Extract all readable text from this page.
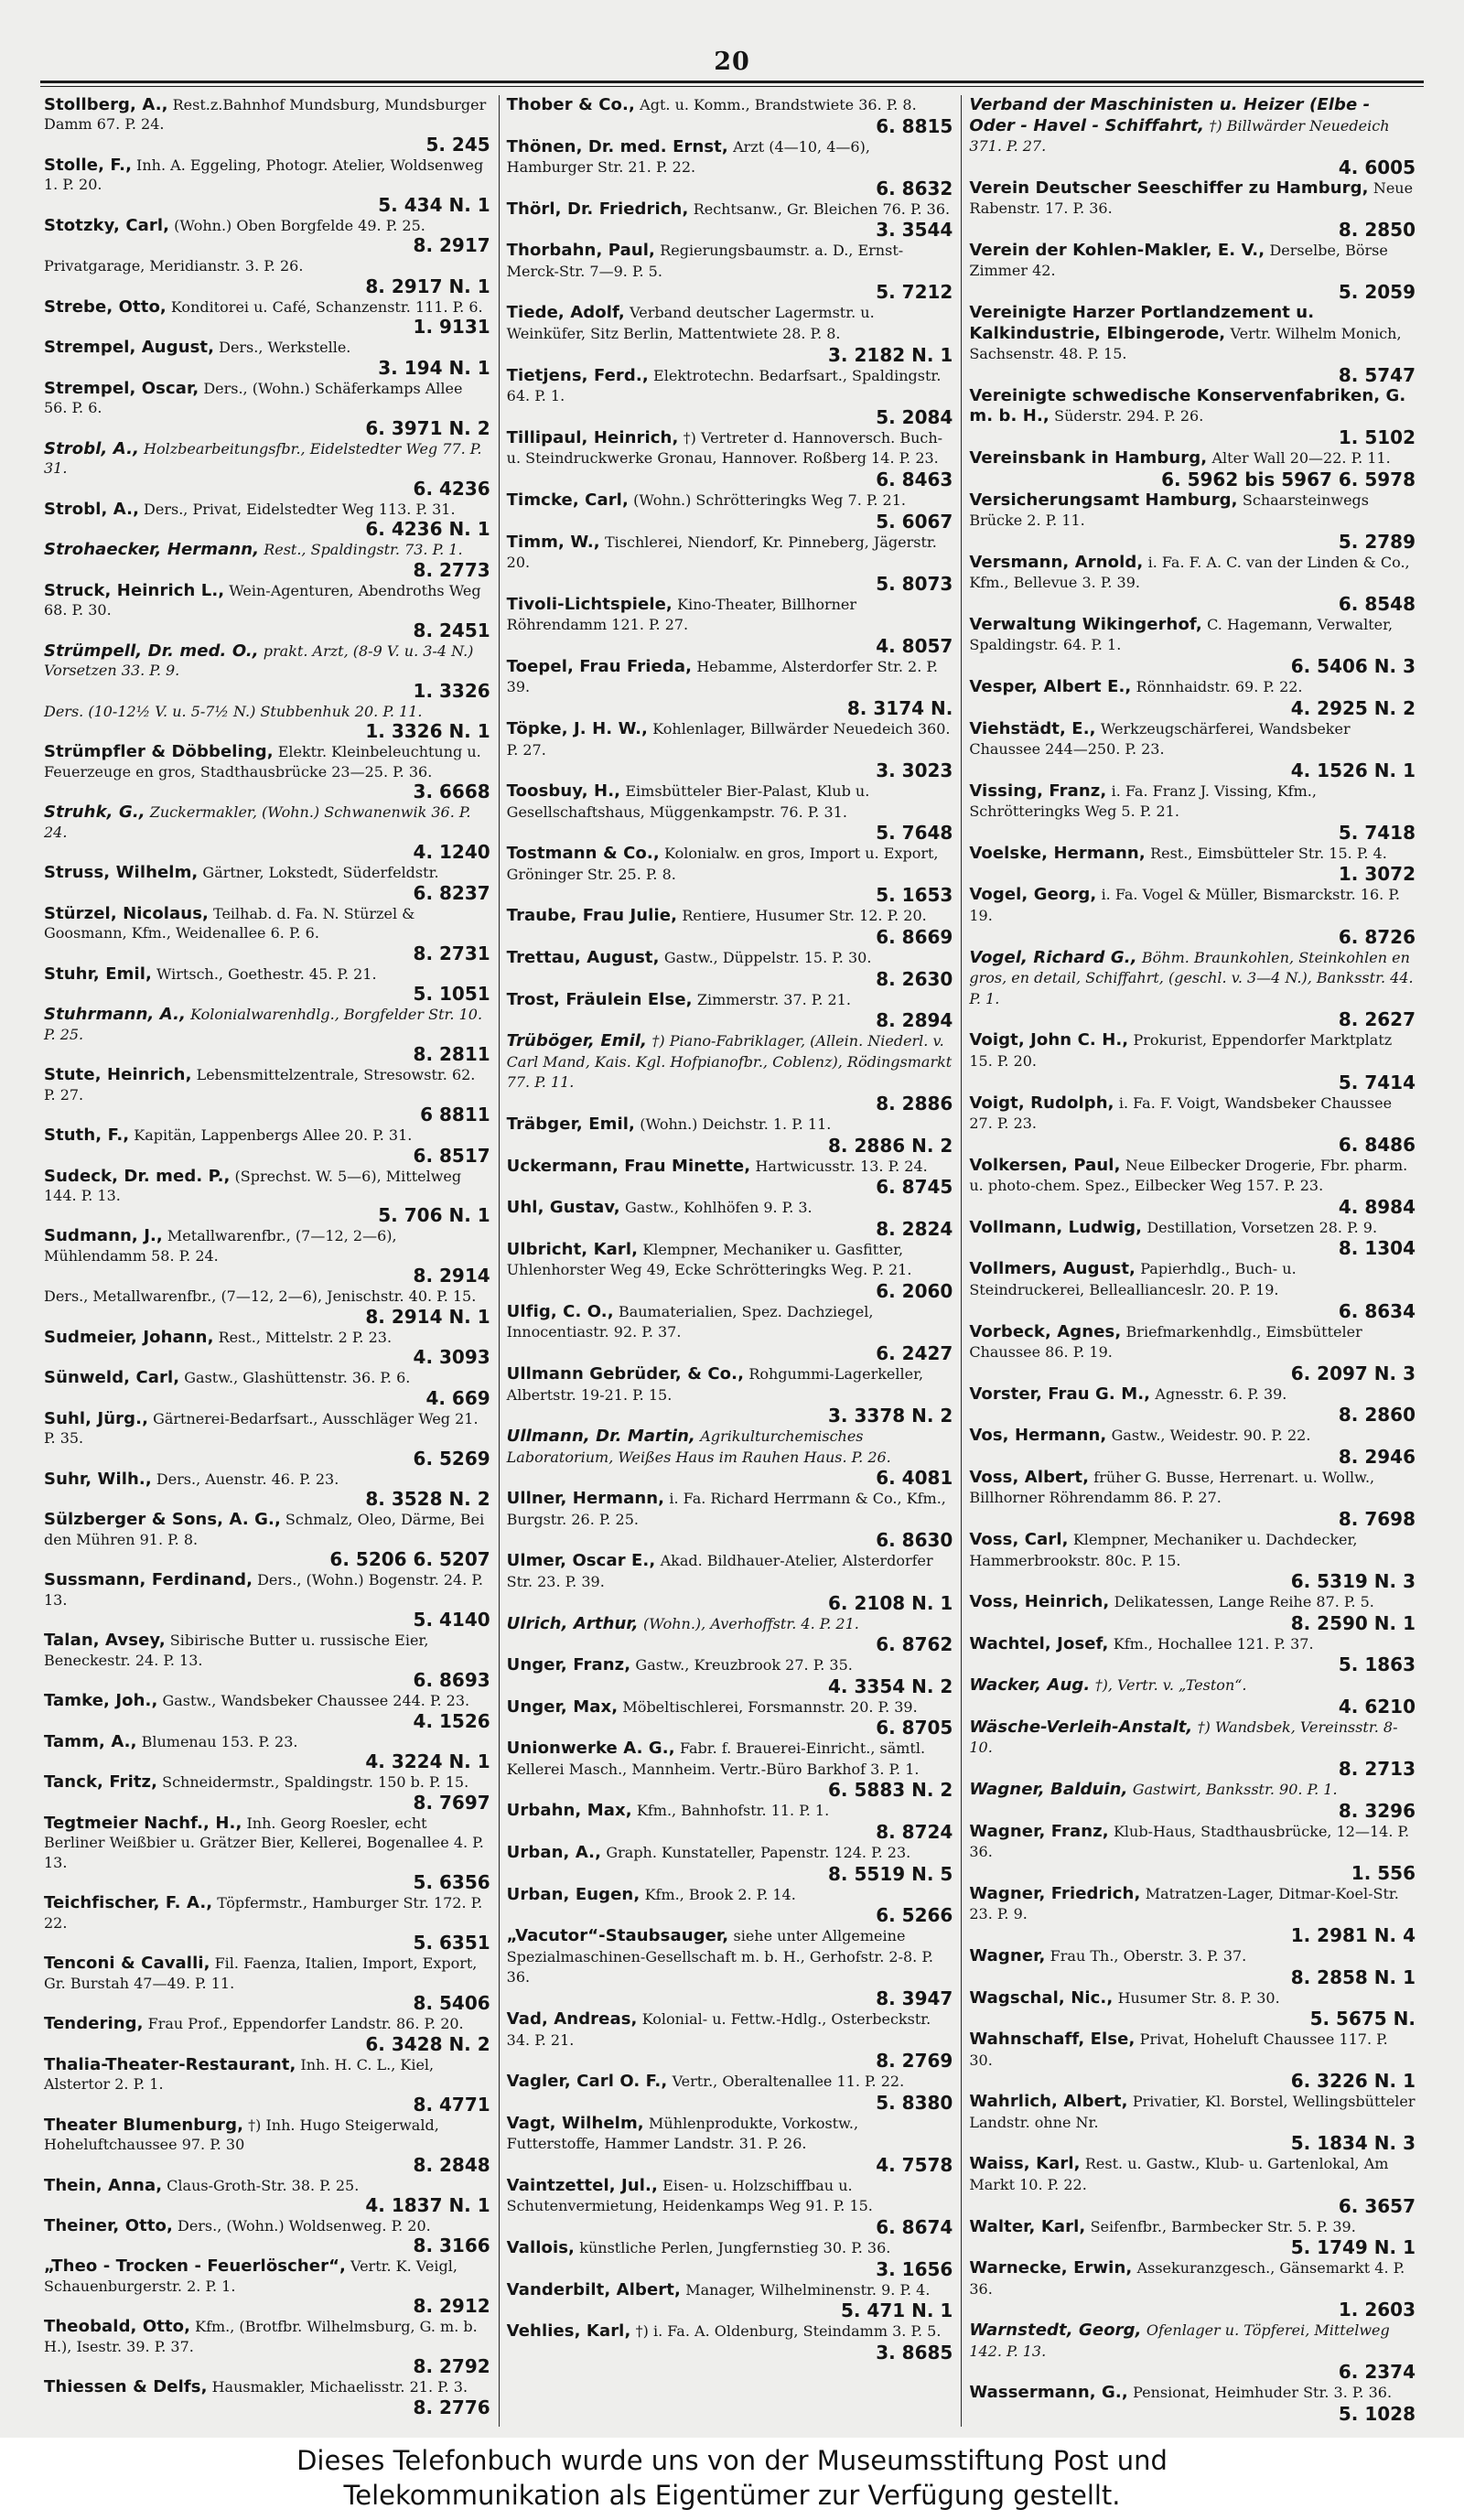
20
Stollberg, A., Rest.z.Bahnhof Mundsburg, Mundsburger Damm 67. P. 24.
5. 245
Stolle, F., Inh. A. Eggeling, Photogr. Atelier, Woldsenweg 1. P. 20.
5. 434 N. 1
Stotzky, Carl, (Wohn.) Oben Borgfelde 49. P. 25.
8. 2917
Privatgarage, Meridianstr. 3. P. 26.
8. 2917 N. 1
Strebe, Otto, Konditorei u. Café, Schanzenstr. 111. P. 6.
1. 9131
Strempel, August, Ders., Werkstelle.
3. 194 N. 1
Strempel, Oscar, Ders., (Wohn.) Schäferkamps Allee 56. P. 6.
6. 3971 N. 2
Strobl, A., Holzbearbeitungsfbr., Eidelstedter Weg 77. P. 31.
6. 4236
Strobl, A., Ders., Privat, Eidelstedter Weg 113. P. 31.
6. 4236 N. 1
Strohaecker, Hermann, Rest., Spaldingstr. 73. P. 1.
8. 2773
Struck, Heinrich L., Wein-Agenturen, Abendroths Weg 68. P. 30.
8. 2451
Strümpell, Dr. med. O., prakt. Arzt, (8-9 V. u. 3-4 N.) Vorsetzen 33. P. 9.
1. 3326
Ders. (10-12½ V. u. 5-7½ N.) Stubbenhuk 20. P. 11.
1. 3326 N. 1
Strümpfler & Döbbeling, Elektr. Kleinbeleuchtung u. Feuerzeuge en gros, Stadthausbrücke 23—25. P. 36.
3. 6668
Struhk, G., Zuckermakler, (Wohn.) Schwanenwik 36. P. 24.
4. 1240
Struss, Wilhelm, Gärtner, Lokstedt, Süderfeldstr.
6. 8237
Stürzel, Nicolaus, Teilhab. d. Fa. N. Stürzel & Goosmann, Kfm., Weidenallee 6. P. 6.
8. 2731
Stuhr, Emil, Wirtsch., Goethestr. 45. P. 21.
5. 1051
Stuhrmann, A., Kolonialwarenhdlg., Borgfelder Str. 10. P. 25.
8. 2811
Stute, Heinrich, Lebensmittelzentrale, Stresowstr. 62. P. 27.
6 8811
Stuth, F., Kapitän, Lappenbergs Allee 20. P. 31.
6. 8517
Sudeck, Dr. med. P., (Sprechst. W. 5—6), Mittelweg 144. P. 13.
5. 706 N. 1
Sudmann, J., Metallwarenfbr., (7—12, 2—6), Mühlendamm 58. P. 24.
8. 2914
Ders., Metallwarenfbr., (7—12, 2—6), Jenischstr. 40. P. 15.
8. 2914 N. 1
Sudmeier, Johann, Rest., Mittelstr. 2 P. 23.
4. 3093
Sünweld, Carl, Gastw., Glashüttenstr. 36. P. 6.
4. 669
Suhl, Jürg., Gärtnerei-Bedarfsart., Ausschläger Weg 21. P. 35.
6. 5269
Suhr, Wilh., Ders., Auenstr. 46. P. 23.
8. 3528 N. 2
Sülzberger & Sons, A. G., Schmalz, Oleo, Därme, Bei den Mühren 91. P. 8.
6. 5206 6. 5207
Sussmann, Ferdinand, Ders., (Wohn.) Bogenstr. 24. P. 13.
5. 4140
Talan, Avsey, Sibirische Butter u. russische Eier, Beneckestr. 24. P. 13.
6. 8693
Tamke, Joh., Gastw., Wandsbeker Chaussee 244. P. 23.
4. 1526
Tamm, A., Blumenau 153. P. 23.
4. 3224 N. 1
Tanck, Fritz, Schneidermstr., Spaldingstr. 150 b. P. 15.
8. 7697
Tegtmeier Nachf., H., Inh. Georg Roesler, echt Berliner Weißbier u. Grätzer Bier, Kellerei, Bogenallee 4. P. 13.
5. 6356
Teichfischer, F. A., Töpfermstr., Hamburger Str. 172. P. 22.
5. 6351
Tenconi & Cavalli, Fil. Faenza, Italien, Import, Export, Gr. Burstah 47—49. P. 11.
8. 5406
Tendering, Frau Prof., Eppendorfer Landstr. 86. P. 20.
6. 3428 N. 2
Thalia-Theater-Restaurant, Inh. H. C. L., Kiel, Alstertor 2. P. 1.
8. 4771
Theater Blumenburg, †) Inh. Hugo Steigerwald, Hoheluftchaussee 97. P. 30
8. 2848
Thein, Anna, Claus-Groth-Str. 38. P. 25.
4. 1837 N. 1
Theiner, Otto, Ders., (Wohn.) Woldsenweg. P. 20.
8. 3166
„Theo - Trocken - Feuerlöscher“, Vertr. K. Veigl, Schauenburgerstr. 2. P. 1.
8. 2912
Theobald, Otto, Kfm., (Brotfbr. Wilhelmsburg, G. m. b. H.), Isestr. 39. P. 37.
8. 2792
Thiessen & Delfs, Hausmakler, Michaelisstr. 21. P. 3.
8. 2776
Thober & Co., Agt. u. Komm., Brandstwiete 36. P. 8.
6. 8815
Thönen, Dr. med. Ernst, Arzt (4—10, 4—6), Hamburger Str. 21. P. 22.
6. 8632
Thörl, Dr. Friedrich, Rechtsanw., Gr. Bleichen 76. P. 36.
3. 3544
Thorbahn, Paul, Regierungsbaumstr. a. D., Ernst-Merck-Str. 7—9. P. 5.
5. 7212
Tiede, Adolf, Verband deutscher Lagermstr. u. Weinküfer, Sitz Berlin, Mattentwiete 28. P. 8.
3. 2182 N. 1
Tietjens, Ferd., Elektrotechn. Bedarfsart., Spaldingstr. 64. P. 1.
5. 2084
Tillipaul, Heinrich, †) Vertreter d. Hannoversch. Buch- u. Steindruckwerke Gronau, Hannover. Roßberg 14. P. 23.
6. 8463
Timcke, Carl, (Wohn.) Schrötteringks Weg 7. P. 21.
5. 6067
Timm, W., Tischlerei, Niendorf, Kr. Pinneberg, Jägerstr. 20.
5. 8073
Tivoli-Lichtspiele, Kino-Theater, Billhorner Röhrendamm 121. P. 27.
4. 8057
Toepel, Frau Frieda, Hebamme, Alsterdorfer Str. 2. P. 39.
8. 3174 N.
Töpke, J. H. W., Kohlenlager, Billwärder Neuedeich 360. P. 27.
3. 3023
Toosbuy, H., Eimsbütteler Bier-Palast, Klub u. Gesellschaftshaus, Müggenkampstr. 76. P. 31.
5. 7648
Tostmann & Co., Kolonialw. en gros, Import u. Export, Gröninger Str. 25. P. 8.
5. 1653
Traube, Frau Julie, Rentiere, Husumer Str. 12. P. 20.
6. 8669
Trettau, August, Gastw., Düppelstr. 15. P. 30.
8. 2630
Trost, Fräulein Else, Zimmerstr. 37. P. 21.
8. 2894
Trüböger, Emil, †) Piano-Fabriklager, (Allein. Niederl. v. Carl Mand, Kais. Kgl. Hofpianofbr., Coblenz), Rödingsmarkt 77. P. 11.
8. 2886
Träbger, Emil, (Wohn.) Deichstr. 1. P. 11.
8. 2886 N. 2
Uckermann, Frau Minette, Hartwicusstr. 13. P. 24.
6. 8745
Uhl, Gustav, Gastw., Kohlhöfen 9. P. 3.
8. 2824
Ulbricht, Karl, Klempner, Mechaniker u. Gasfitter, Uhlenhorster Weg 49, Ecke Schrötteringks Weg. P. 21.
6. 2060
Ulfig, C. O., Baumaterialien, Spez. Dachziegel, Innocentiastr. 92. P. 37.
6. 2427
Ullmann Gebrüder, & Co., Rohgummi-Lagerkeller, Albertstr. 19-21. P. 15.
3. 3378 N. 2
Ullmann, Dr. Martin, Agrikulturchemisches Laboratorium, Weißes Haus im Rauhen Haus. P. 26.
6. 4081
Ullner, Hermann, i. Fa. Richard Herrmann & Co., Kfm., Burgstr. 26. P. 25.
6. 8630
Ulmer, Oscar E., Akad. Bildhauer-Atelier, Alsterdorfer Str. 23. P. 39.
6. 2108 N. 1
Ulrich, Arthur, (Wohn.), Averhoffstr. 4. P. 21.
6. 8762
Unger, Franz, Gastw., Kreuzbrook 27. P. 35.
4. 3354 N. 2
Unger, Max, Möbeltischlerei, Forsmannstr. 20. P. 39.
6. 8705
Unionwerke A. G., Fabr. f. Brauerei-Einricht., sämtl. Kellerei Masch., Mannheim. Vertr.-Büro Barkhof 3. P. 1.
6. 5883 N. 2
Urbahn, Max, Kfm., Bahnhofstr. 11. P. 1.
8. 8724
Urban, A., Graph. Kunstateller, Papenstr. 124. P. 23.
8. 5519 N. 5
Urban, Eugen, Kfm., Brook 2. P. 14.
6. 5266
„Vacutor“-Staubsauger, siehe unter Allgemeine Spezialmaschinen-Gesellschaft m. b. H., Gerhofstr. 2-8. P. 36.
8. 3947
Vad, Andreas, Kolonial- u. Fettw.-Hdlg., Osterbeckstr. 34. P. 21.
8. 2769
Vagler, Carl O. F., Vertr., Oberaltenallee 11. P. 22.
5. 8380
Vagt, Wilhelm, Mühlenprodukte, Vorkostw., Futterstoffe, Hammer Landstr. 31. P. 26.
4. 7578
Vaintzettel, Jul., Eisen- u. Holzschiffbau u. Schutenvermietung, Heidenkamps Weg 91. P. 15.
6. 8674
Vallois, künstliche Perlen, Jungfernstieg 30. P. 36.
3. 1656
Vanderbilt, Albert, Manager, Wilhelminenstr. 9. P. 4.
5. 471 N. 1
Vehlies, Karl, †) i. Fa. A. Oldenburg, Steindamm 3. P. 5.
3. 8685
Verband der Maschinisten u. Heizer (Elbe - Oder - Havel - Schiffahrt, †) Billwärder Neuedeich 371. P. 27.
4. 6005
Verein Deutscher Seeschiffer zu Hamburg, Neue Rabenstr. 17. P. 36.
8. 2850
Verein der Kohlen-Makler, E. V., Derselbe, Börse Zimmer 42.
5. 2059
Vereinigte Harzer Portlandzement u. Kalkindustrie, Elbingerode, Vertr. Wilhelm Monich, Sachsenstr. 48. P. 15.
8. 5747
Vereinigte schwedische Konservenfabriken, G. m. b. H., Süderstr. 294. P. 26.
1. 5102
Vereinsbank in Hamburg, Alter Wall 20—22. P. 11.
6. 5962 bis 5967 6. 5978
Versicherungsamt Hamburg, Schaarsteinwegs Brücke 2. P. 11.
5. 2789
Versmann, Arnold, i. Fa. F. A. C. van der Linden & Co., Kfm., Bellevue 3. P. 39.
6. 8548
Verwaltung Wikingerhof, C. Hagemann, Verwalter, Spaldingstr. 64. P. 1.
6. 5406 N. 3
Vesper, Albert E., Rönnhaidstr. 69. P. 22.
4. 2925 N. 2
Viehstädt, E., Werkzeugschärferei, Wandsbeker Chaussee 244—250. P. 23.
4. 1526 N. 1
Vissing, Franz, i. Fa. Franz J. Vissing, Kfm., Schrötteringks Weg 5. P. 21.
5. 7418
Voelske, Hermann, Rest., Eimsbütteler Str. 15. P. 4.
1. 3072
Vogel, Georg, i. Fa. Vogel & Müller, Bismarckstr. 16. P. 19.
6. 8726
Vogel, Richard G., Böhm. Braunkohlen, Steinkohlen en gros, en detail, Schiffahrt, (geschl. v. 3—4 N.), Banksstr. 44. P. 1.
8. 2627
Voigt, John C. H., Prokurist, Eppendorfer Marktplatz 15. P. 20.
5. 7414
Voigt, Rudolph, i. Fa. F. Voigt, Wandsbeker Chaussee 27. P. 23.
6. 8486
Volkersen, Paul, Neue Eilbecker Drogerie, Fbr. pharm. u. photo-chem. Spez., Eilbecker Weg 157. P. 23.
4. 8984
Vollmann, Ludwig, Destillation, Vorsetzen 28. P. 9.
8. 1304
Vollmers, August, Papierhdlg., Buch- u. Steindruckerei, Belleallianceslr. 20. P. 19.
6. 8634
Vorbeck, Agnes, Briefmarkenhdlg., Eimsbütteler Chaussee 86. P. 19.
6. 2097 N. 3
Vorster, Frau G. M., Agnesstr. 6. P. 39.
8. 2860
Vos, Hermann, Gastw., Weidestr. 90. P. 22.
8. 2946
Voss, Albert, früher G. Busse, Herrenart. u. Wollw., Billhorner Röhrendamm 86. P. 27.
8. 7698
Voss, Carl, Klempner, Mechaniker u. Dachdecker, Hammerbrookstr. 80c. P. 15.
6. 5319 N. 3
Voss, Heinrich, Delikatessen, Lange Reihe 87. P. 5.
8. 2590 N. 1
Wachtel, Josef, Kfm., Hochallee 121. P. 37.
5. 1863
Wacker, Aug. †), Vertr. v. „Teston“.
4. 6210
Wäsche-Verleih-Anstalt, †) Wandsbek, Vereinsstr. 8-10.
8. 2713
Wagner, Balduin, Gastwirt, Banksstr. 90. P. 1.
8. 3296
Wagner, Franz, Klub-Haus, Stadthausbrücke, 12—14. P. 36.
1. 556
Wagner, Friedrich, Matratzen-Lager, Ditmar-Koel-Str. 23. P. 9.
1. 2981 N. 4
Wagner, Frau Th., Oberstr. 3. P. 37.
8. 2858 N. 1
Wagschal, Nic., Husumer Str. 8. P. 30.
5. 5675 N.
Wahnschaff, Else, Privat, Hoheluft Chaussee 117. P. 30.
6. 3226 N. 1
Wahrlich, Albert, Privatier, Kl. Borstel, Wellingsbütteler Landstr. ohne Nr.
5. 1834 N. 3
Waiss, Karl, Rest. u. Gastw., Klub- u. Gartenlokal, Am Markt 10. P. 22.
6. 3657
Walter, Karl, Seifenfbr., Barmbecker Str. 5. P. 39.
5. 1749 N. 1
Warnecke, Erwin, Assekuranzgesch., Gänsemarkt 4. P. 36.
1. 2603
Warnstedt, Georg, Ofenlager u. Töpferei, Mittelweg 142. P. 13.
6. 2374
Wassermann, G., Pensionat, Heimhuder Str. 3. P. 36.
5. 1028
Dieses Telefonbuch wurde uns von der Museumsstiftung Post und
Telekommunikation als Eigentümer zur Verfügung gestellt.
